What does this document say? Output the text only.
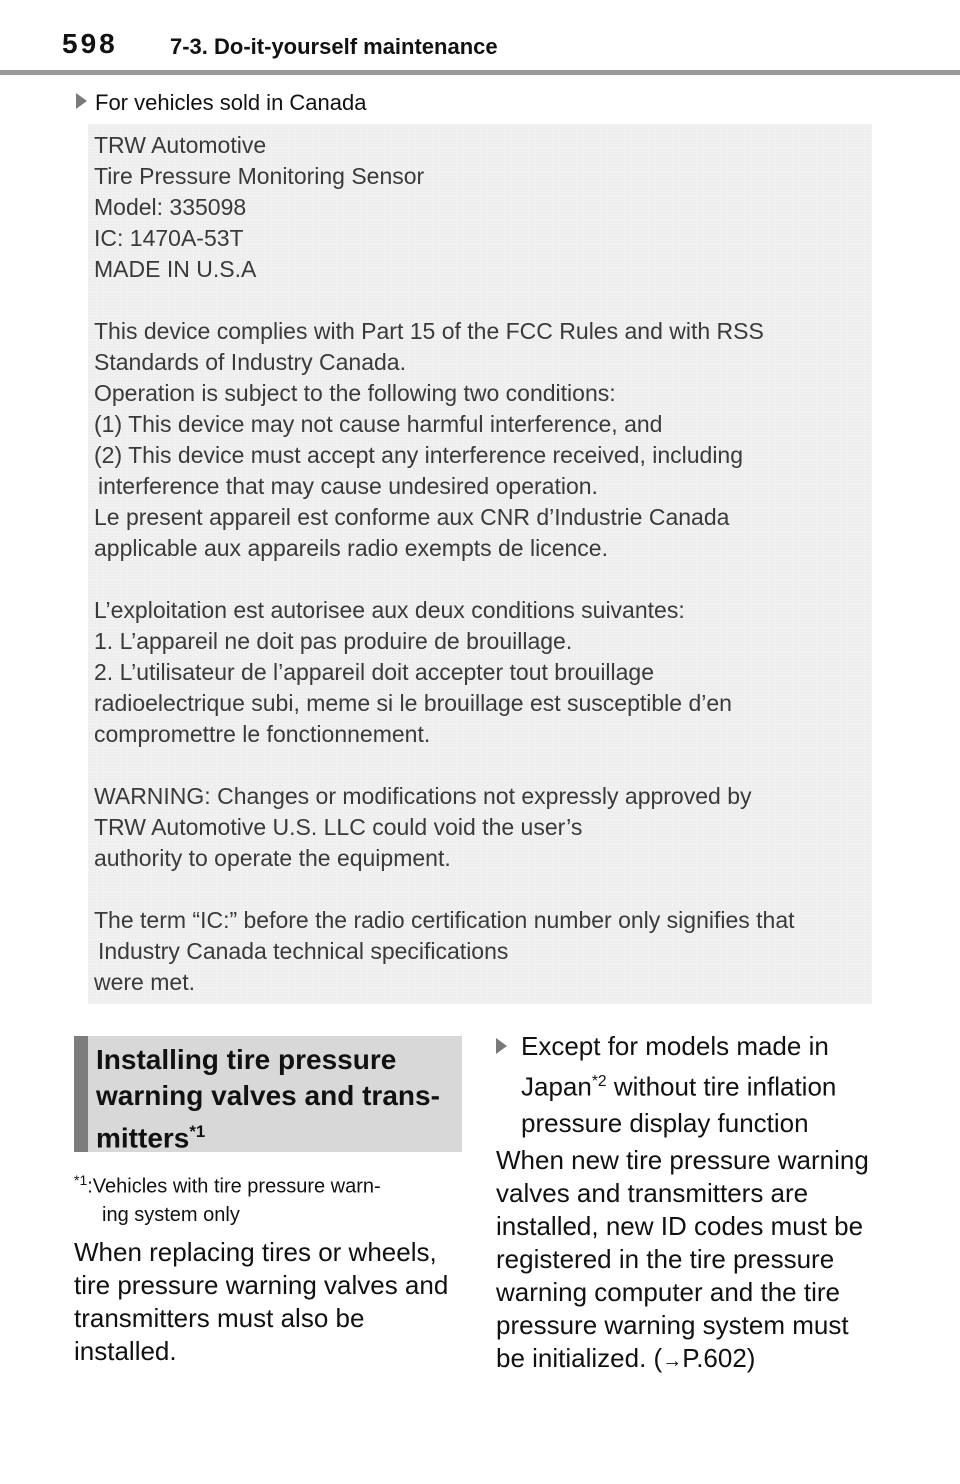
598 7-3. Do-it-yourself maintenance
For vehicles sold in Canada
TRW Automotive
Tire Pressure Monitoring Sensor
Model: 335098
IC: 1470A-53T
MADE IN U.S.A
This device complies with Part 15 of the FCC Rules and with RSS
Standards of Industry Canada.
Operation is subject to the following two conditions:
(1) This device may not cause harmful interference, and
(2) This device must accept any interference received, including
interference that may cause undesired operation.
Le present appareil est conforme aux CNR d’Industrie Canada
applicable aux appareils radio exempts de licence.
L’exploitation est autorisee aux deux conditions suivantes:
1. L’appareil ne doit pas produire de brouillage.
2. L’utilisateur de l’appareil doit accepter tout brouillage
radioelectrique subi, meme si le brouillage est susceptible d’en
compromettre le fonctionnement.
WARNING: Changes or modifications not expressly approved by
TRW Automotive U.S. LLC could void the user’s
authority to operate the equipment.
The term “IC:” before the radio certification number only signifies that
Industry Canada technical specifications
were met.
Installing tire pressure
warning valves and trans-
mitters$^{*1}$
$^{*1}$:Vehicles with tire pressure warn-
ing system only
When replacing tires or wheels,
tire pressure warning valves and
transmitters must also be
installed.
Except for models made in
Japan$^{*2}$ without tire inflation
pressure display function
When new tire pressure warning
valves and transmitters are
installed, new ID codes must be
registered in the tire pressure
warning computer and the tire
pressure warning system must
be initialized. (→P.602)
